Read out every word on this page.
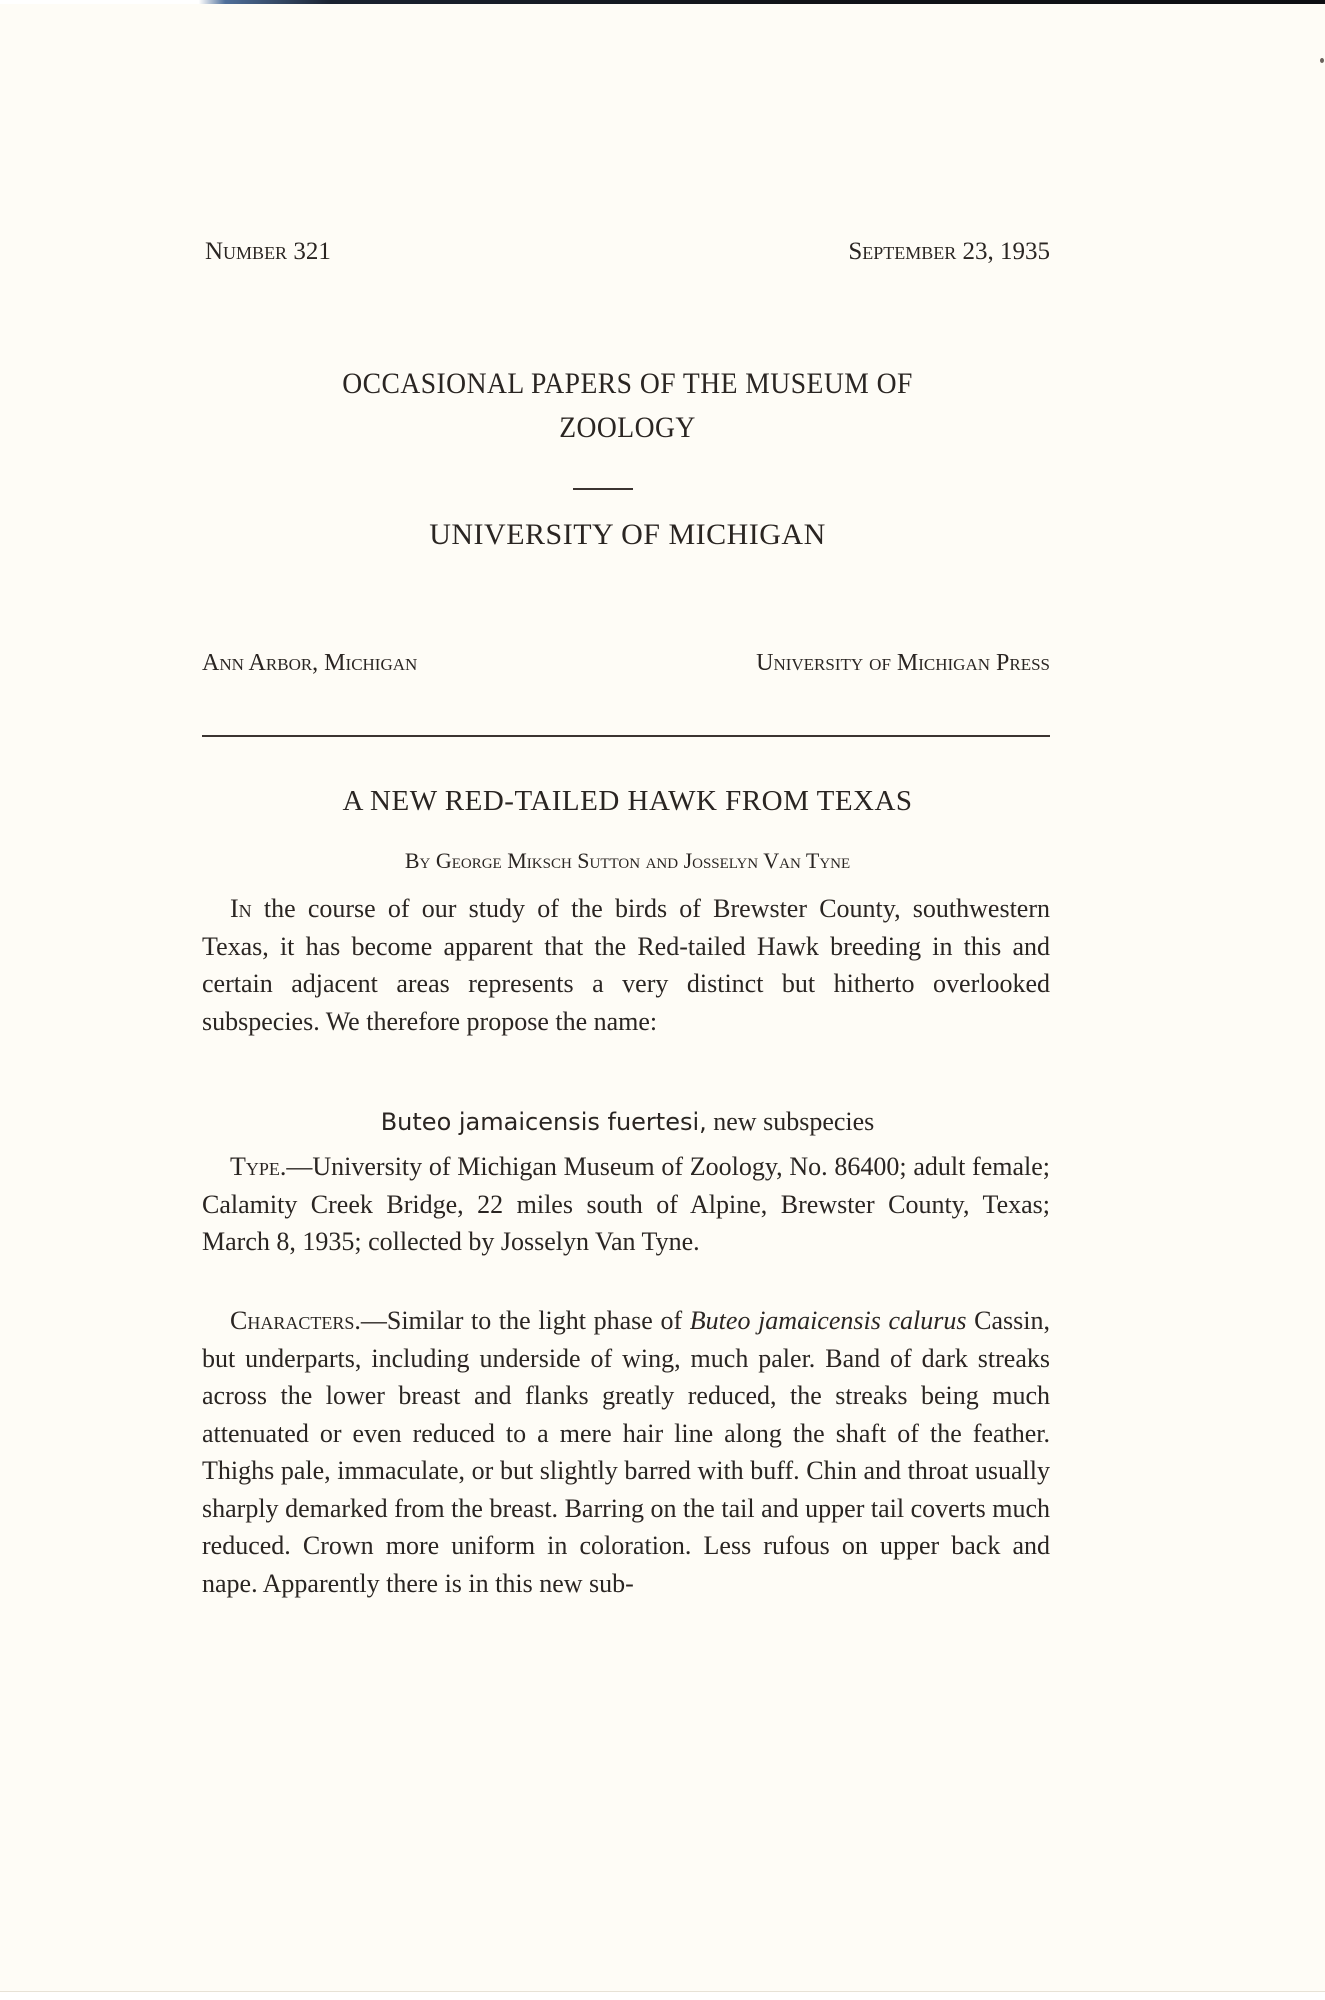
Number 321	September 23, 1935
OCCASIONAL PAPERS OF THE MUSEUM OF
ZOOLOGY
UNIVERSITY OF MICHIGAN
Ann Arbor, Michigan	University of Michigan Press
A NEW RED-TAILED HAWK FROM TEXAS
By George Miksch Sutton and Josselyn Van Tyne

In the course of our study of the birds of Brewster County, southwestern Texas, it has become apparent that the Red-tailed Hawk breeding in this and certain adjacent areas represents a very distinct but hitherto overlooked subspecies. We therefore propose the name:

Buteo jamaicensis fuertesi, new subspecies

Type.—University of Michigan Museum of Zoology, No. 86400; adult female; Calamity Creek Bridge, 22 miles south of Alpine, Brewster County, Texas; March 8, 1935; collected by Josselyn Van Tyne.

Characters.—Similar to the light phase of Buteo jamaicensis calurus Cassin, but underparts, including underside of wing, much paler. Band of dark streaks across the lower breast and flanks greatly reduced, the streaks being much attenuated or even reduced to a mere hair line along the shaft of the feather. Thighs pale, immaculate, or but slightly barred with buff. Chin and throat usually sharply demarked from the breast. Barring on the tail and upper tail coverts much reduced. Crown more uniform in coloration. Less rufous on upper back and nape. Apparently there is in this new sub-
